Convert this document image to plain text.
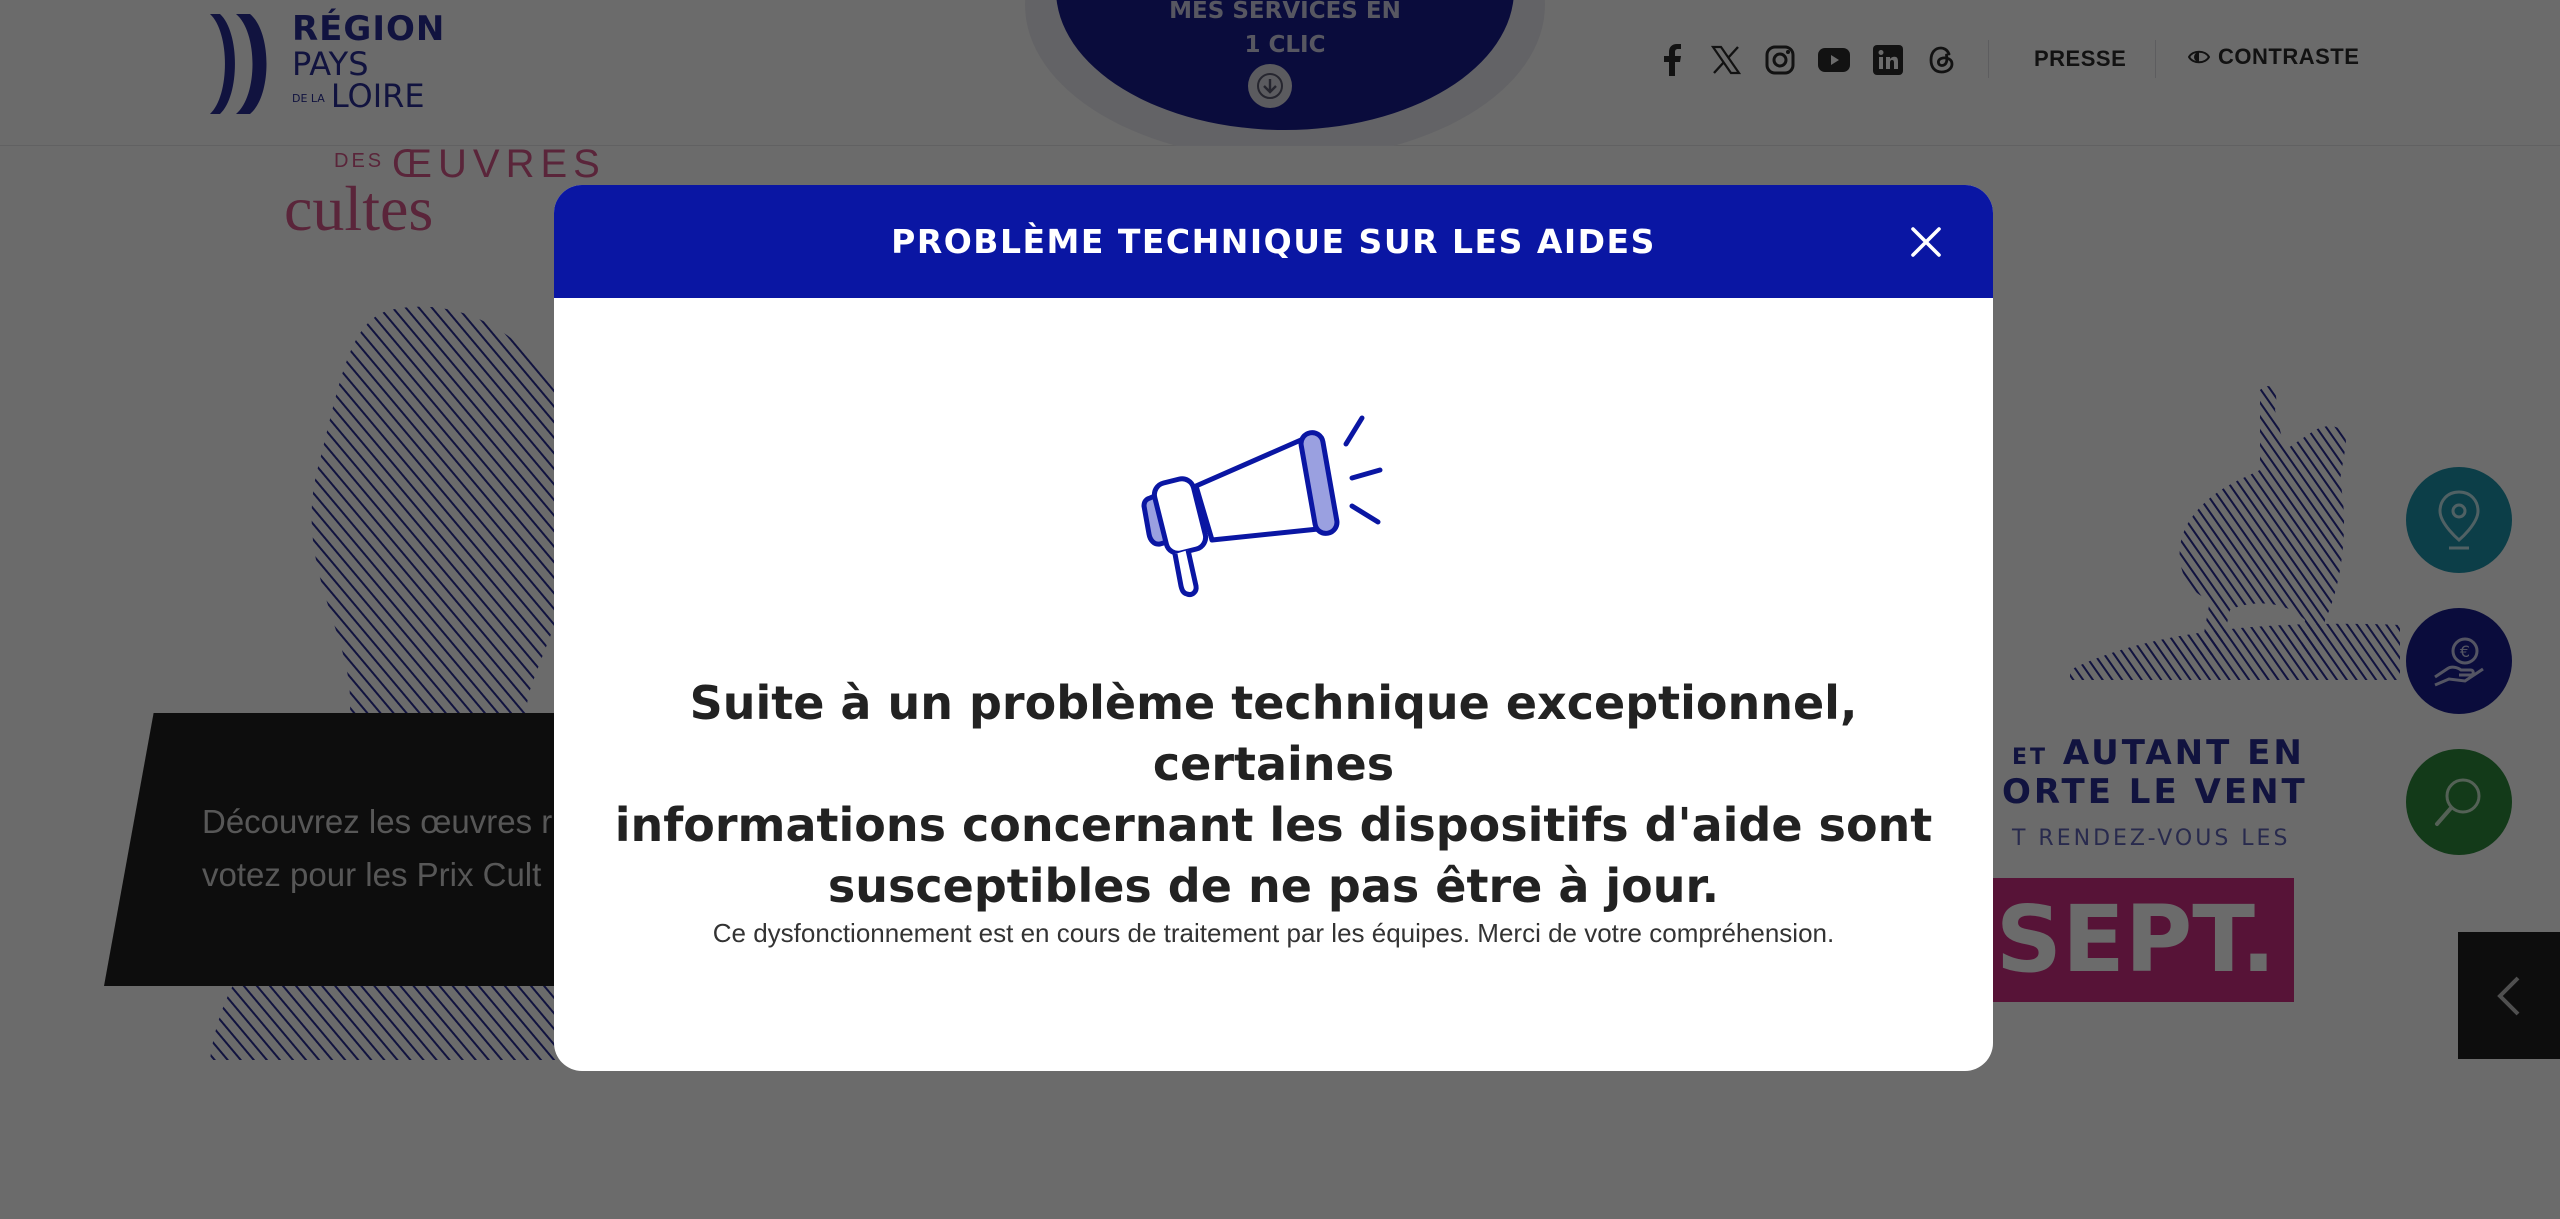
PROBLÈME TECHNIQUE SUR LES AIDES
Suite à un problème technique exceptionnel, certaines
informations concernant les dispositifs d'aide sont
susceptibles de ne pas être à jour.
Ce dysfonctionnement est en cours de traitement par les équipes. Merci de votre compréhension.
